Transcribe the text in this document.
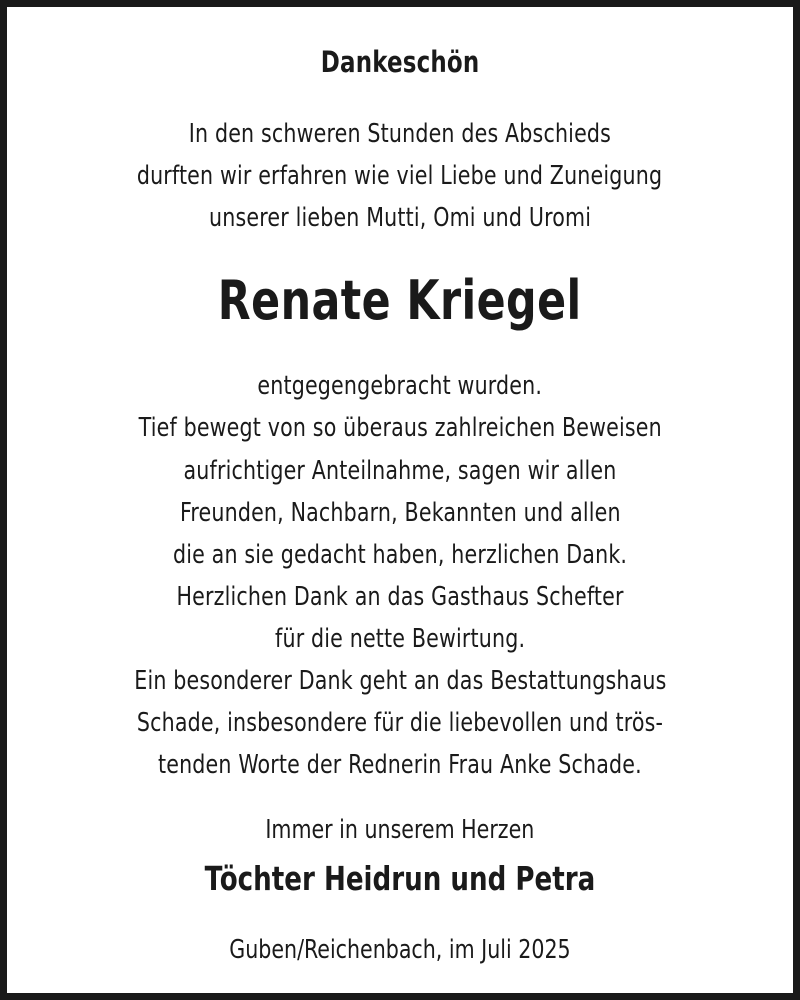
Dankeschön
In den schweren Stunden des Abschieds
durften wir erfahren wie viel Liebe und Zuneigung
unserer lieben Mutti, Omi und Uromi
Renate Kriegel
entgegengebracht wurden.
Tief bewegt von so überaus zahlreichen Beweisen
aufrichtiger Anteilnahme, sagen wir allen
Freunden, Nachbarn, Bekannten und allen
die an sie gedacht haben, herzlichen Dank.
Herzlichen Dank an das Gasthaus Schefter
für die nette Bewirtung.
Ein besonderer Dank geht an das Bestattungshaus
Schade, insbesondere für die liebevollen und trös-
tenden Worte der Rednerin Frau Anke Schade.
Immer in unserem Herzen
Töchter Heidrun und Petra
Guben/Reichenbach, im Juli 2025
